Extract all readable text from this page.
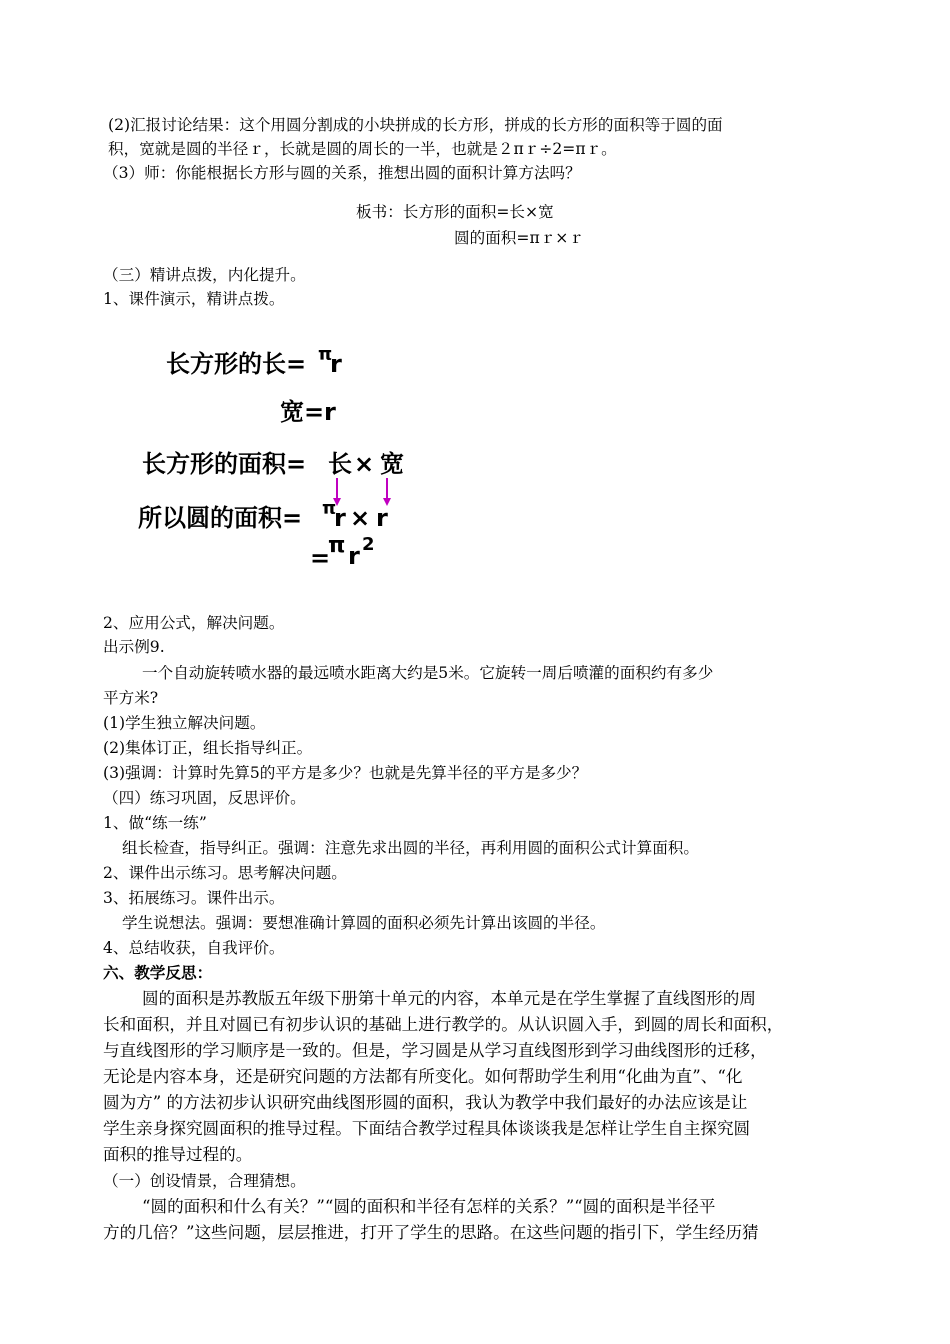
(2)汇报讨论结果：这个用圆分割成的小块拼成的长方形，拼成的长方形的面积等于圆的面
积，宽就是圆的半径ｒ，长就是圆的周长的一半，也就是２πｒ÷2=πｒ。
（3）师：你能根据长方形与圆的关系，推想出圆的面积计算方法吗？
板书：长方形的面积=长×宽
圆的面积=πｒ×ｒ
（三）精讲点拨，内化提升。
1、课件演示，精讲点拨。
长方形的长= π
r
宽= r
长方形的面积= 长 × 宽
所以圆的面积= π
r × r
=
π r 2
2、应用公式，解决问题。
出示例9.
一个自动旋转喷水器的最远喷水距离大约是5米。它旋转一周后喷灌的面积约有多少
平方米?
(1)学生独立解决问题。
(2)集体订正，组长指导纠正。
(3)强调：计算时先算5的平方是多少？也就是先算半径的平方是多少？
（四）练习巩固，反思评价。
1、做“练一练”
组长检查，指导纠正。强调：注意先求出圆的半径，再利用圆的面积公式计算面积。
2、课件出示练习。思考解决问题。
3、拓展练习。课件出示。
学生说想法。强调：要想准确计算圆的面积必须先计算出该圆的半径。
4、总结收获，自我评价。
六、教学反思：
圆的面积是苏教版五年级下册第十单元的内容，本单元是在学生掌握了直线图形的周
长和面积，并且对圆已有初步认识的基础上进行教学的。从认识圆入手，到圆的周长和面积，
与直线图形的学习顺序是一致的。但是，学习圆是从学习直线图形到学习曲线图形的迁移，
无论是内容本身，还是研究问题的方法都有所变化。如何帮助学生利用“化曲为直”、“化
圆为方” 的方法初步认识研究曲线图形圆的面积，我认为教学中我们最好的办法应该是让
学生亲身探究圆面积的推导过程。下面结合教学过程具体谈谈我是怎样让学生自主探究圆
面积的推导过程的。
（一）创设情景，合理猜想。
“圆的面积和什么有关？”“圆的面积和半径有怎样的关系？”“圆的面积是半径平
方的几倍？”这些问题，层层推进，打开了学生的思路。在这些问题的指引下，学生经历猜
